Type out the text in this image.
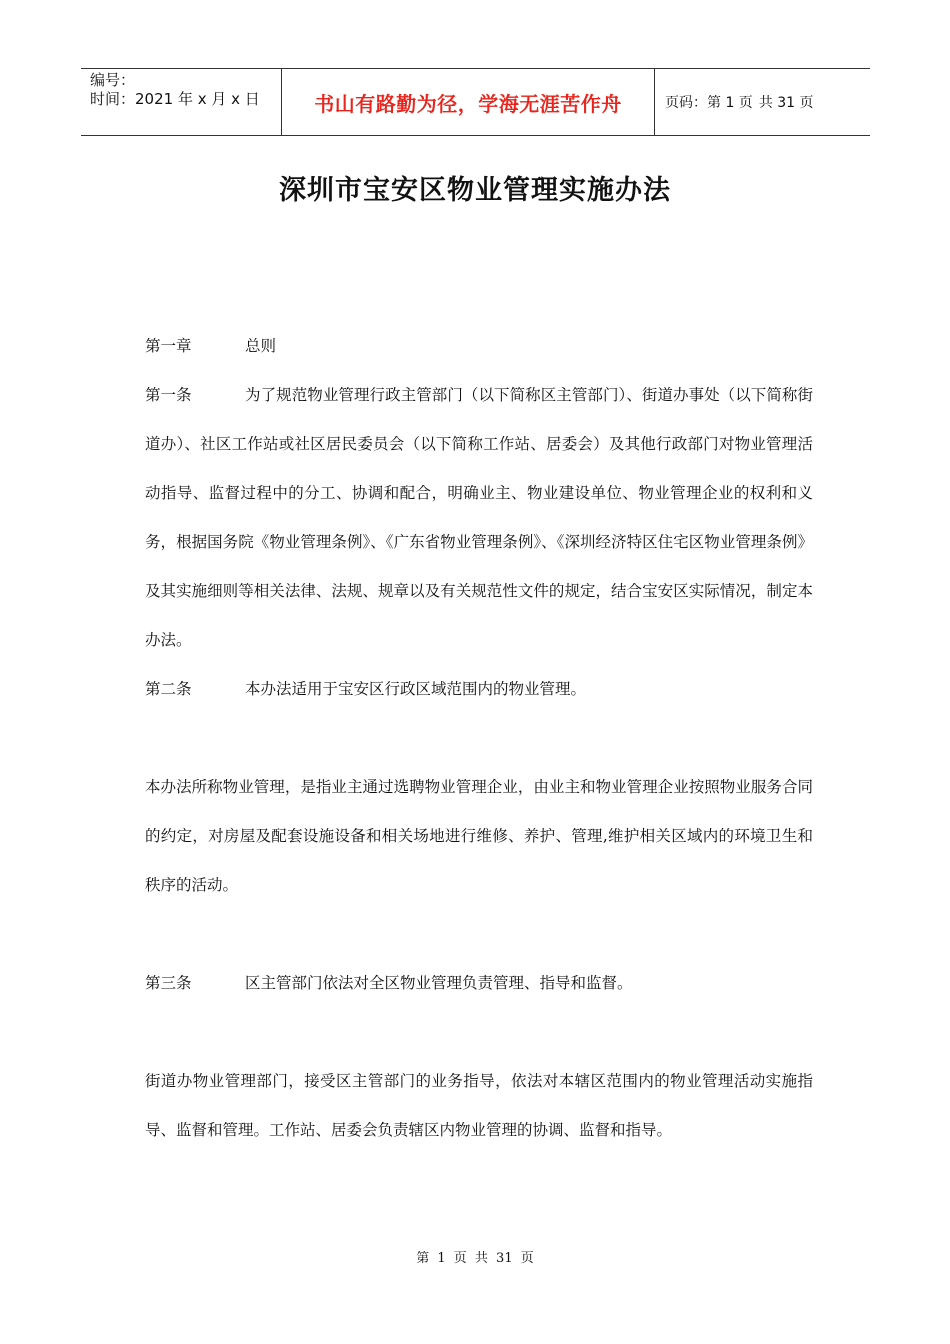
编号：
时间：2021 年 x 月 x 日	书山有路勤为径，学海无涯苦作舟	页码：第 1 页 共 31 页
深圳市宝安区物业管理实施办法

第一章	总则

第一条	为了规范物业管理行政主管部门（以下简称区主管部门）、街道办事处（以下简称街道办）、社区工作站或社区居民委员会（以下简称工作站、居委会）及其他行政部门对物业管理活动指导、监督过程中的分工、协调和配合，明确业主、物业建设单位、物业管理企业的权利和义务，根据国务院《物业管理条例》、《广东省物业管理条例》、《深圳经济特区住宅区物业管理条例》及其实施细则等相关法律、法规、规章以及有关规范性文件的规定，结合宝安区实际情况，制定本办法。

第二条	本办法适用于宝安区行政区域范围内的物业管理。

本办法所称物业管理，是指业主通过选聘物业管理企业，由业主和物业管理企业按照物业服务合同的约定，对房屋及配套设施设备和相关场地进行维修、养护、管理,维护相关区域内的环境卫生和秩序的活动。

第三条	区主管部门依法对全区物业管理负责管理、指导和监督。

街道办物业管理部门，接受区主管部门的业务指导，依法对本辖区范围内的物业管理活动实施指导、监督和管理。工作站、居委会负责辖区内物业管理的协调、监督和指导。

第 1 页 共 31 页
